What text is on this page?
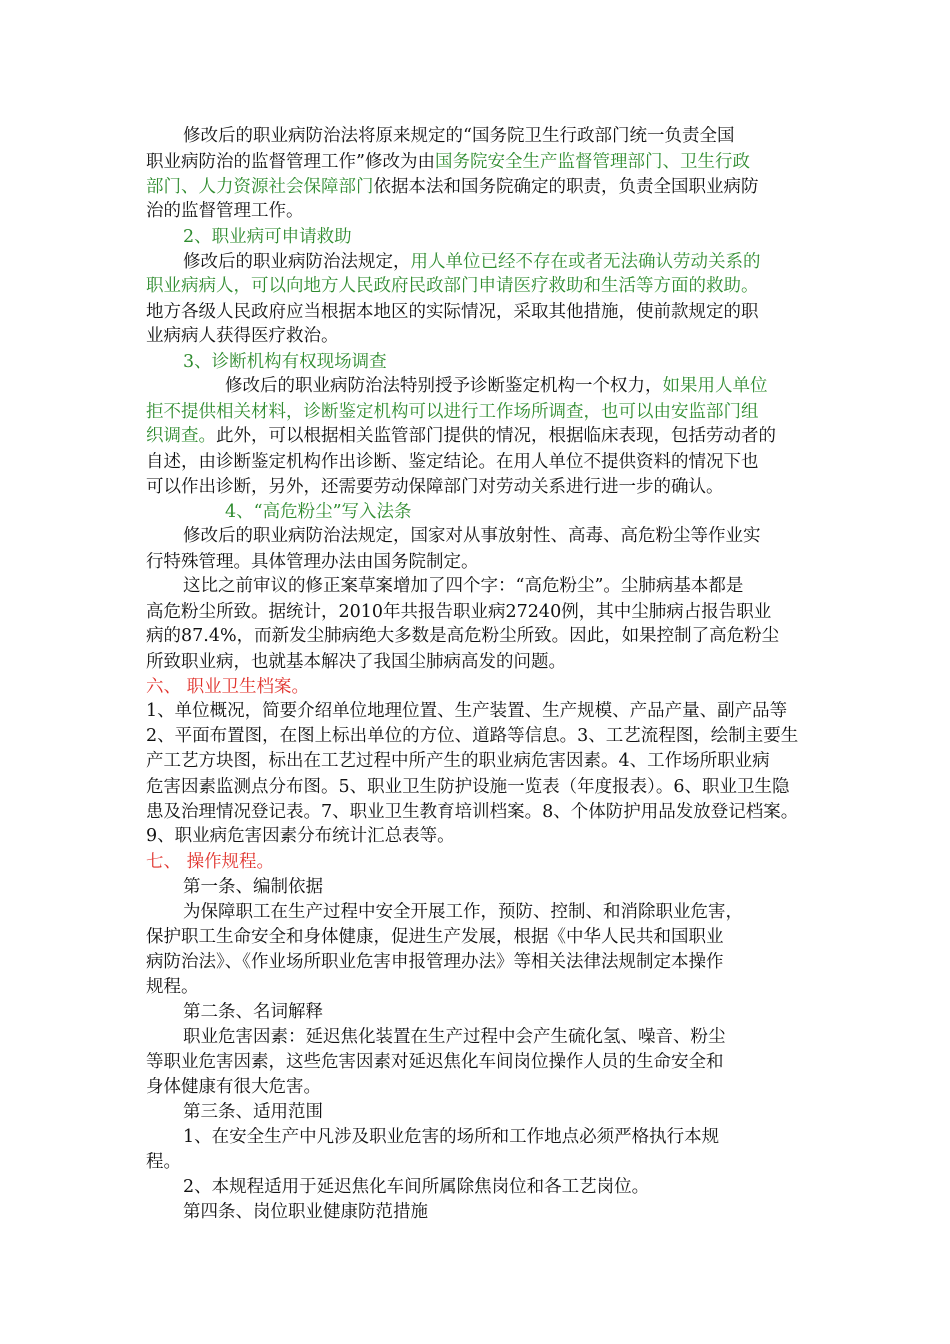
修改后的职业病防治法将原来规定的“国务院卫生行政部门统一负责全国
职业病防治的监督管理工作”修改为由国务院安全生产监督管理部门、卫生行政
部门、人力资源社会保障部门依据本法和国务院确定的职责，负责全国职业病防
治的监督管理工作。
2、职业病可申请救助
修改后的职业病防治法规定，用人单位已经不存在或者无法确认劳动关系的
职业病病人，可以向地方人民政府民政部门申请医疗救助和生活等方面的救助。
地方各级人民政府应当根据本地区的实际情况，采取其他措施，使前款规定的职
业病病人获得医疗救治。
3、诊断机构有权现场调查
修改后的职业病防治法特别授予诊断鉴定机构一个权力，如果用人单位
拒不提供相关材料，诊断鉴定机构可以进行工作场所调查，也可以由安监部门组
织调查。此外，可以根据相关监管部门提供的情况，根据临床表现，包括劳动者的
自述，由诊断鉴定机构作出诊断、鉴定结论。在用人单位不提供资料的情况下也
可以作出诊断，另外，还需要劳动保障部门对劳动关系进行进一步的确认。
4、“高危粉尘”写入法条
修改后的职业病防治法规定，国家对从事放射性、高毒、高危粉尘等作业实
行特殊管理。具体管理办法由国务院制定。
这比之前审议的修正案草案增加了四个字：“高危粉尘”。尘肺病基本都是
高危粉尘所致。据统计，2010年共报告职业病27240例，其中尘肺病占报告职业
病的87.4%，而新发尘肺病绝大多数是高危粉尘所致。因此，如果控制了高危粉尘
所致职业病，也就基本解决了我国尘肺病高发的问题。
六、 职业卫生档案。
1、单位概况，简要介绍单位地理位置、生产装置、生产规模、产品产量、副产品等
2、平面布置图，在图上标出单位的方位、道路等信息。3、工艺流程图，绘制主要生
产工艺方块图，标出在工艺过程中所产生的职业病危害因素。4、工作场所职业病
危害因素监测点分布图。5、职业卫生防护设施一览表（年度报表）。6、职业卫生隐
患及治理情况登记表。7、职业卫生教育培训档案。8、个体防护用品发放登记档案。
9、职业病危害因素分布统计汇总表等。
七、 操作规程。
第一条、编制依据
为保障职工在生产过程中安全开展工作，预防、控制、和消除职业危害，
保护职工生命安全和身体健康，促进生产发展，根据《中华人民共和国职业
病防治法》、《作业场所职业危害申报管理办法》等相关法律法规制定本操作
规程。
第二条、名词解释
职业危害因素：延迟焦化装置在生产过程中会产生硫化氢、噪音、粉尘
等职业危害因素，这些危害因素对延迟焦化车间岗位操作人员的生命安全和
身体健康有很大危害。
第三条、适用范围
1、在安全生产中凡涉及职业危害的场所和工作地点必须严格执行本规
程。
2、本规程适用于延迟焦化车间所属除焦岗位和各工艺岗位。
第四条、岗位职业健康防范措施
